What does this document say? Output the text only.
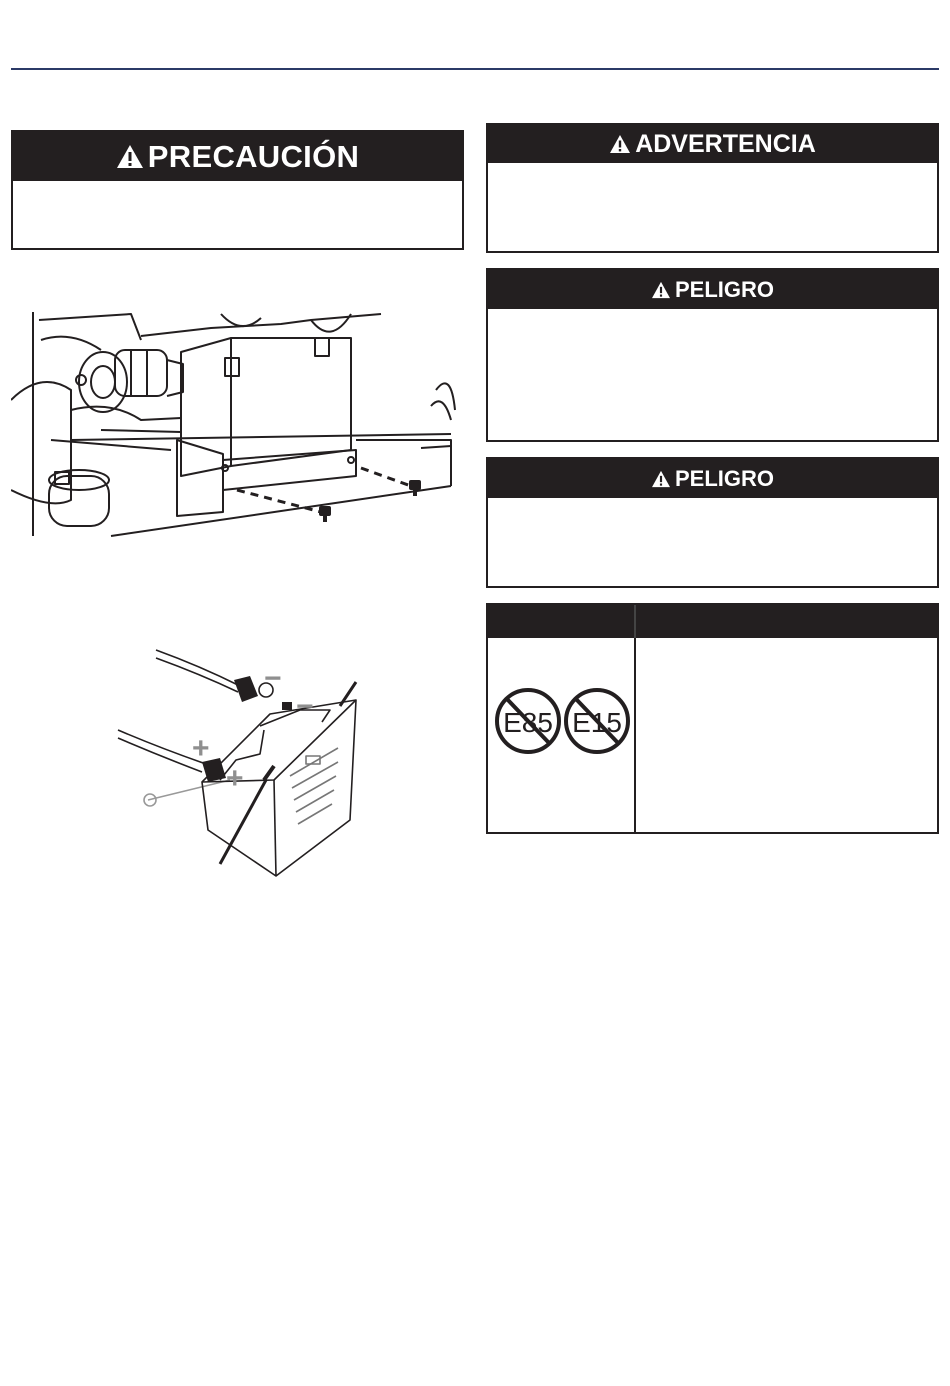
PRECAUCIÓN	ADVERTENCIA
PELIGRO
PELIGRO
E85 E15
−
−
+
+
